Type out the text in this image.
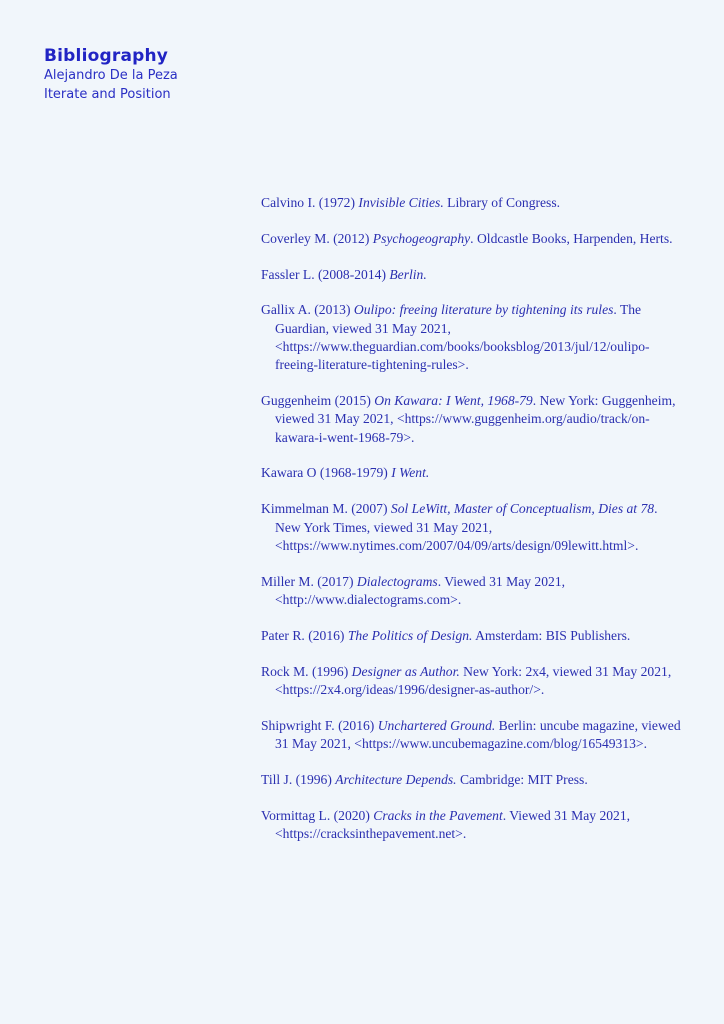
Bibliography
Alejandro De la Peza
Iterate and Position

Calvino I. (1972) Invisible Cities. Library of Congress.

Coverley M. (2012) Psychogeography. Oldcastle Books, Harpenden, Herts.

Fassler L. (2008-2014) Berlin.

Gallix A. (2013) Oulipo: freeing literature by tightening its rules. The Guardian, viewed 31 May 2021, <https://www.theguardian.com/books/booksblog/2013/jul/12/oulipo-freeing-literature-tightening-rules>.

Guggenheim (2015) On Kawara: I Went, 1968-79. New York: Guggenheim, viewed 31 May 2021, <https://www.guggenheim.org/audio/track/on-kawara-i-went-1968-79>.

Kawara O (1968-1979) I Went.

Kimmelman M. (2007) Sol LeWitt, Master of Conceptualism, Dies at 78. New York Times, viewed 31 May 2021, <https://www.nytimes.com/2007/04/09/arts/design/09lewitt.html>.

Miller M. (2017) Dialectograms. Viewed 31 May 2021, <http://www.dialectograms.com>.

Pater R. (2016) The Politics of Design. Amsterdam: BIS Publishers.

Rock M. (1996) Designer as Author. New York: 2x4, viewed 31 May 2021, <https://2x4.org/ideas/1996/designer-as-author/>.

Shipwright F. (2016) Unchartered Ground. Berlin: uncube magazine, viewed 31 May 2021, <https://www.uncubemagazine.com/blog/16549313>.

Till J. (1996) Architecture Depends. Cambridge: MIT Press.

Vormittag L. (2020) Cracks in the Pavement. Viewed 31 May 2021, <https://cracksinthepavement.net>.
